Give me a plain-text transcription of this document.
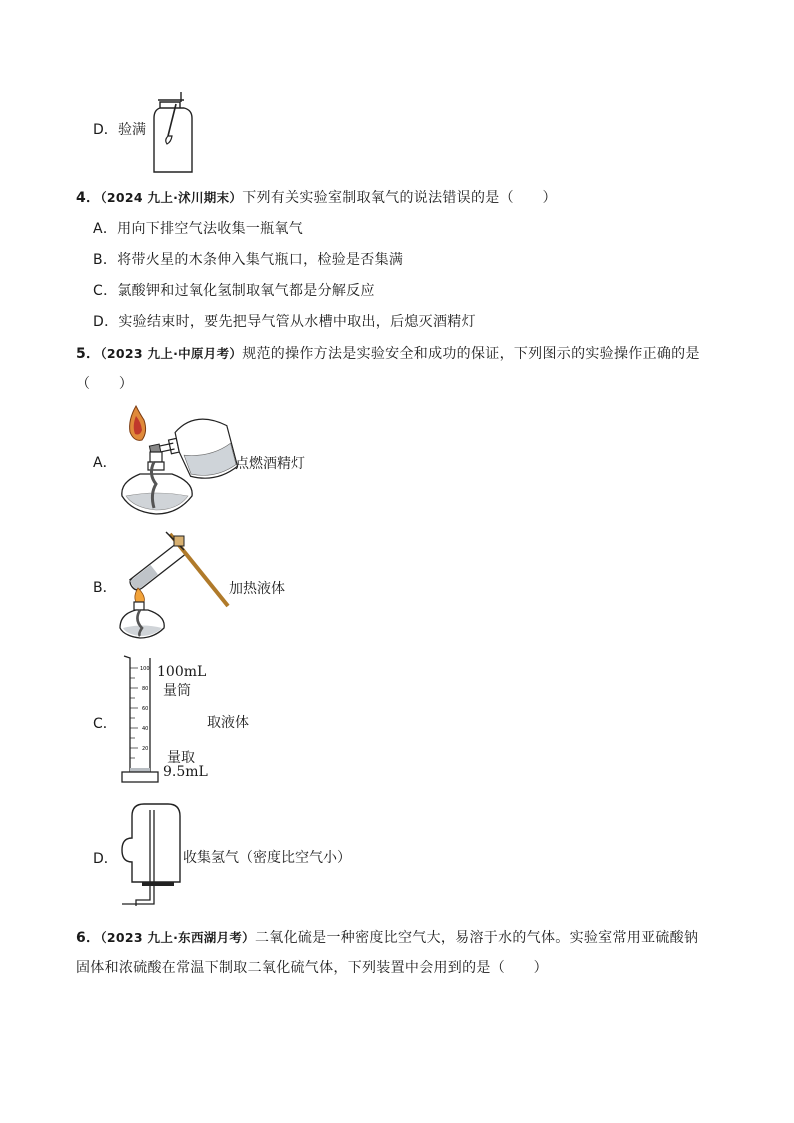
D． 验满
4．（2024 九上·沭川期末）下列有关实验室制取氧气的说法错误的是（　　）
A．用向下排空气法收集一瓶氧气
B．将带火星的木条伸入集气瓶口，检验是否集满
C．氯酸钾和过氧化氢制取氧气都是分解反应
D．实验结束时，要先把导气管从水槽中取出，后熄灭酒精灯
5．（2023 九上·中原月考）规范的操作方法是实验安全和成功的保证，下列图示的实验操作正确的是
（　　）
A．	点燃酒精灯
B．	加热液体
C．
100
80
60
40
20
100mL
量筒
取液体
量取
9.5mL
D．	收集氢气（密度比空气小）
6．（2023 九上·东西湖月考）二氧化硫是一种密度比空气大，易溶于水的气体。实验室常用亚硫酸钠
固体和浓硫酸在常温下制取二氧化硫气体，下列装置中会用到的是（　　）
